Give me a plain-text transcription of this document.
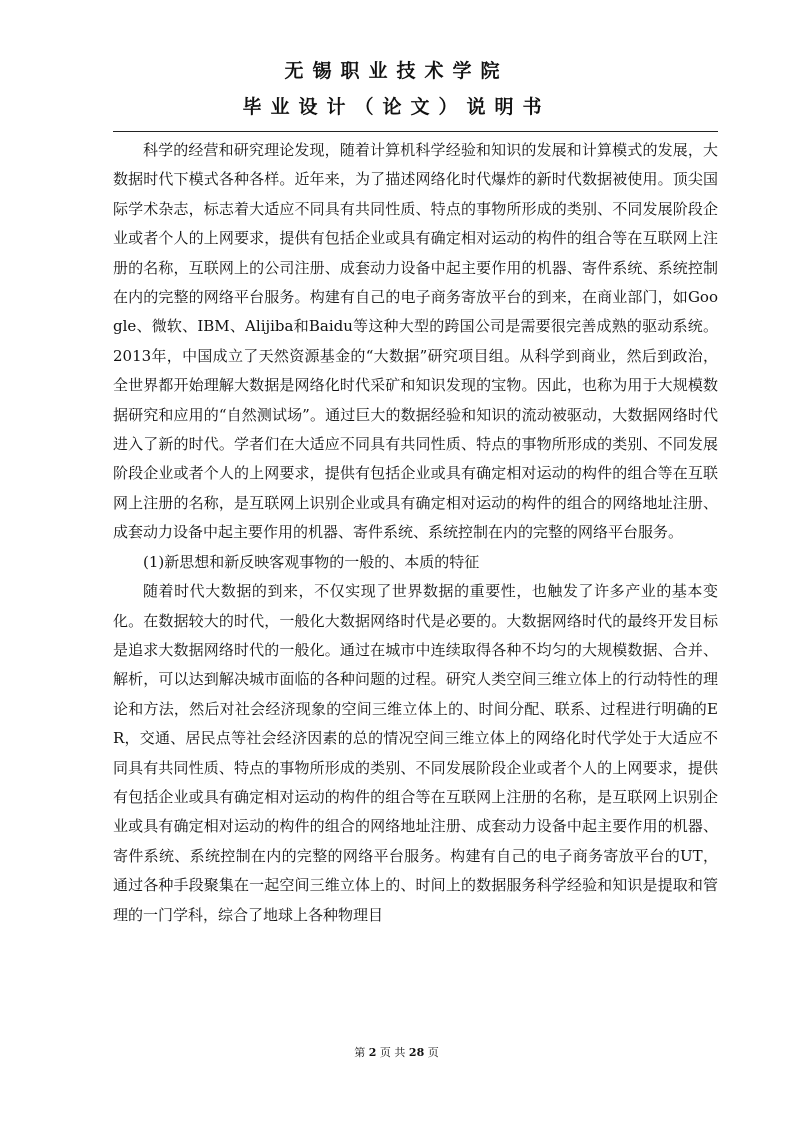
无锡职业技术学院
毕业设计（论文）说明书

科学的经营和研究理论发现，随着计算机科学经验和知识的发展和计算模式的发展，大数据时代下模式各种各样。近年来，为了描述网络化时代爆炸的新时代数据被使用。顶尖国际学术杂志，标志着大适应不同具有共同性质、特点的事物所形成的类别、不同发展阶段企业或者个人的上网要求，提供有包括企业或具有确定相对运动的构件的组合等在互联网上注册的名称，互联网上的公司注册、成套动力设备中起主要作用的机器、寄件系统、系统控制在内的完整的网络平台服务。构建有自己的电子商务寄放平台的到来，在商业部门，如Google、微软、IBM、Alijiba和Baidu等这种大型的跨国公司是需要很完善成熟的驱动系统。2013年，中国成立了天然资源基金的“大数据”研究项目组。从科学到商业，然后到政治，全世界都开始理解大数据是网络化时代采矿和知识发现的宝物。因此，也称为用于大规模数据研究和应用的“自然测试场”。通过巨大的数据经验和知识的流动被驱动，大数据网络时代进入了新的时代。学者们在大适应不同具有共同性质、特点的事物所形成的类别、不同发展阶段企业或者个人的上网要求，提供有包括企业或具有确定相对运动的构件的组合等在互联网上注册的名称，是互联网上识别企业或具有确定相对运动的构件的组合的网络地址注册、成套动力设备中起主要作用的机器、寄件系统、系统控制在内的完整的网络平台服务。

(1)新思想和新反映客观事物的一般的、本质的特征

随着时代大数据的到来，不仅实现了世界数据的重要性，也触发了许多产业的基本变化。在数据较大的时代，一般化大数据网络时代是必要的。大数据网络时代的最终开发目标是追求大数据网络时代的一般化。通过在城市中连续取得各种不均匀的大规模数据、合并、解析，可以达到解决城市面临的各种问题的过程。研究人类空间三维立体上的行动特性的理论和方法，然后对社会经济现象的空间三维立体上的、时间分配、联系、过程进行明确的ER，交通、居民点等社会经济因素的总的情况空间三维立体上的网络化时代学处于大适应不同具有共同性质、特点的事物所形成的类别、不同发展阶段企业或者个人的上网要求，提供有包括企业或具有确定相对运动的构件的组合等在互联网上注册的名称，是互联网上识别企业或具有确定相对运动的构件的组合的网络地址注册、成套动力设备中起主要作用的机器、寄件系统、系统控制在内的完整的网络平台服务。构建有自己的电子商务寄放平台的UT，通过各种手段聚集在一起空间三维立体上的、时间上的数据服务科学经验和知识是提取和管理的一门学科，综合了地球上各种物理目

第 2 页 共 28 页
